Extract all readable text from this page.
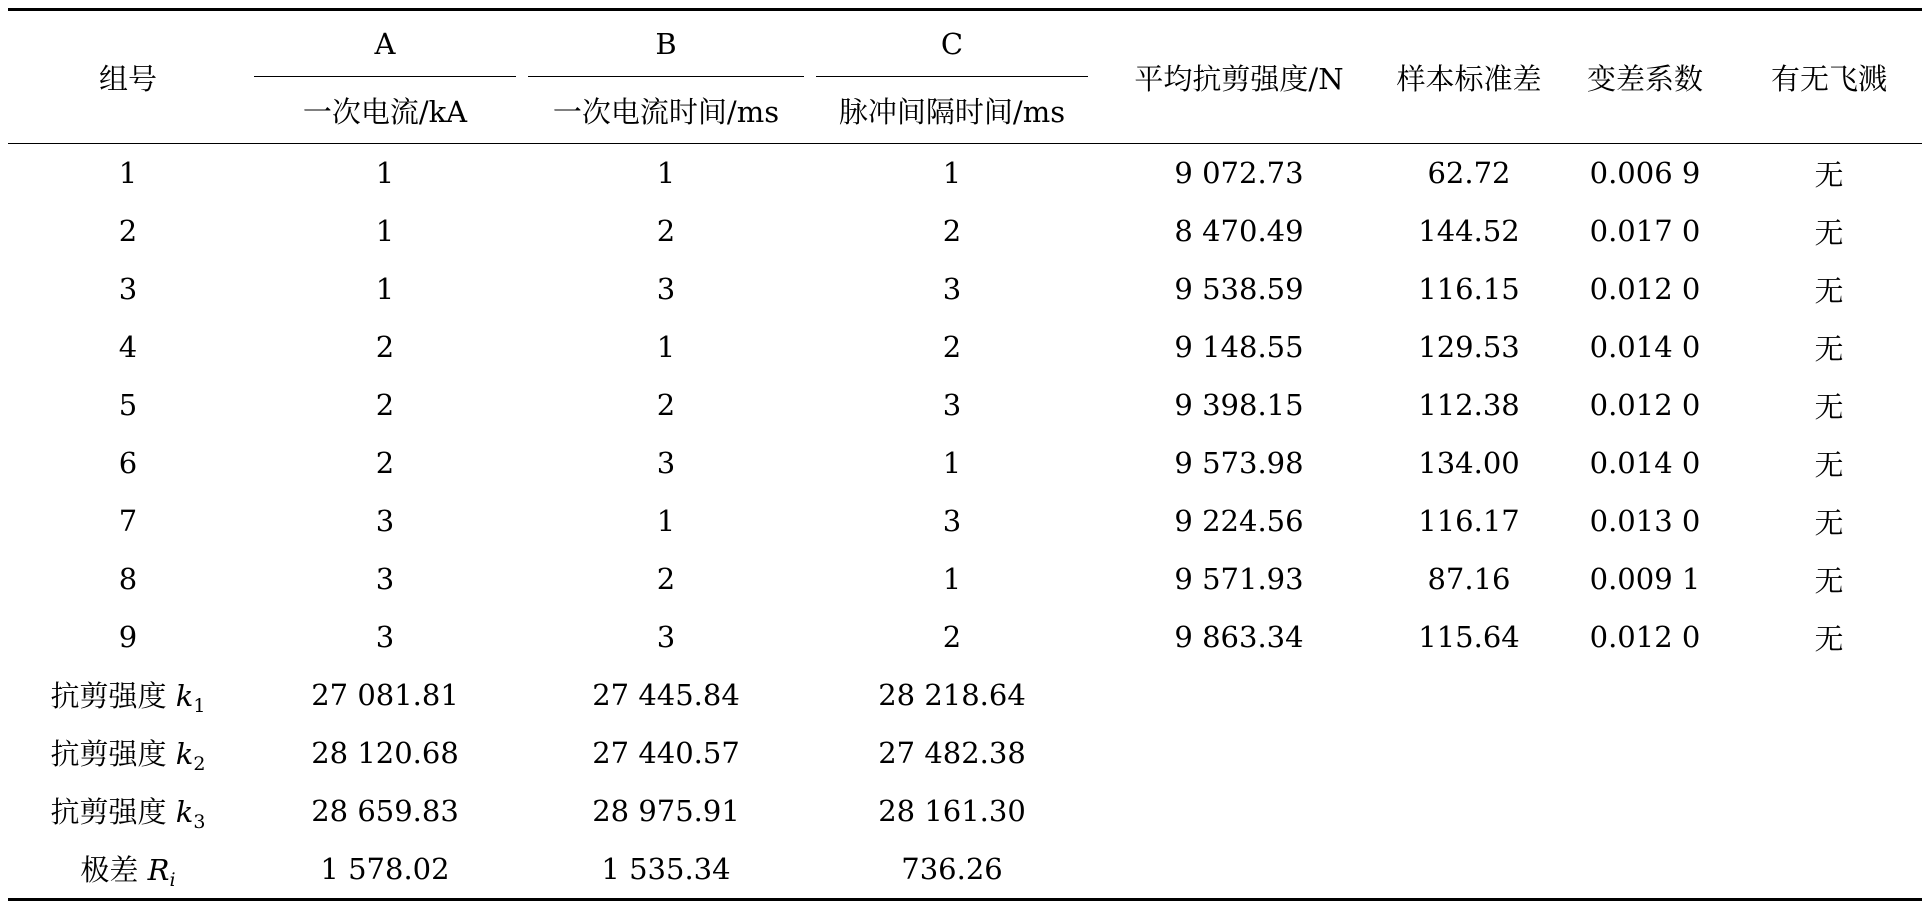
组号	A	B	C	平均抗剪强度/N	样本标准差	变差系数	有无飞溅
	一次电流/kA	一次电流时间/ms	脉冲间隔时间/ms				
1	1	1	1	9 072.73	62.72	0.006 9	无
2	1	2	2	8 470.49	144.52	0.017 0	无
3	1	3	3	9 538.59	116.15	0.012 0	无
4	2	1	2	9 148.55	129.53	0.014 0	无
5	2	2	3	9 398.15	112.38	0.012 0	无
6	2	3	1	9 573.98	134.00	0.014 0	无
7	3	1	3	9 224.56	116.17	0.013 0	无
8	3	2	1	9 571.93	87.16	0.009 1	无
9	3	3	2	9 863.34	115.64	0.012 0	无
抗剪强度 $k_1$	27 081.81	27 445.84	28 218.64				
抗剪强度 $k_2$	28 120.68	27 440.57	27 482.38				
抗剪强度 $k_3$	28 659.83	28 975.91	28 161.30				
极差 $R_i$	1 578.02	1 535.34	736.26				
